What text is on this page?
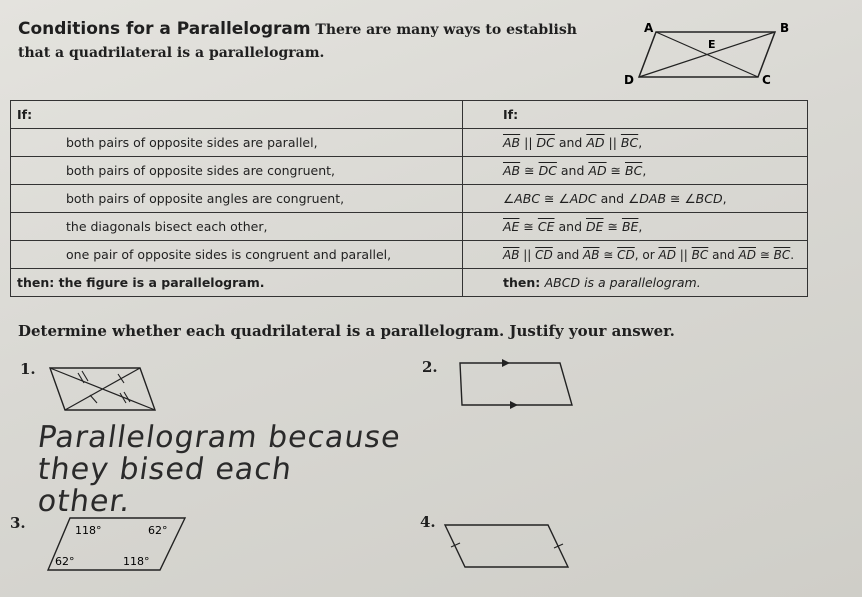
Conditions for a Parallelogram There are many ways to establish that a quadrilateral is a parallelogram.
A	B
E
D	C
If:	If:
both pairs of opposite sides are parallel,	$\overline{AB}$ || $\overline{DC}$ and $\overline{AD}$ || $\overline{BC}$,
both pairs of opposite sides are congruent,	$\overline{AB}$ ≅ $\overline{DC}$ and $\overline{AD}$ ≅ $\overline{BC}$,
both pairs of opposite angles are congruent,	∠ABC ≅ ∠ADC and ∠DAB ≅ ∠BCD,
the diagonals bisect each other,	$\overline{AE}$ ≅ $\overline{CE}$ and $\overline{DE}$ ≅ $\overline{BE}$,
one pair of opposite sides is congruent and parallel,	$\overline{AB}$ || $\overline{CD}$ and $\overline{AB}$ ≅ $\overline{CD}$, or $\overline{AD}$ || $\overline{BC}$ and $\overline{AD}$ ≅ $\overline{BC}$.
then: the figure is a parallelogram.	then: ABCD is a parallelogram.
Determine whether each quadrilateral is a parallelogram. Justify your answer.
1.
Parallelogram because
they bised each
other.
2.
3.	118°	62°
62°	118°
4.
